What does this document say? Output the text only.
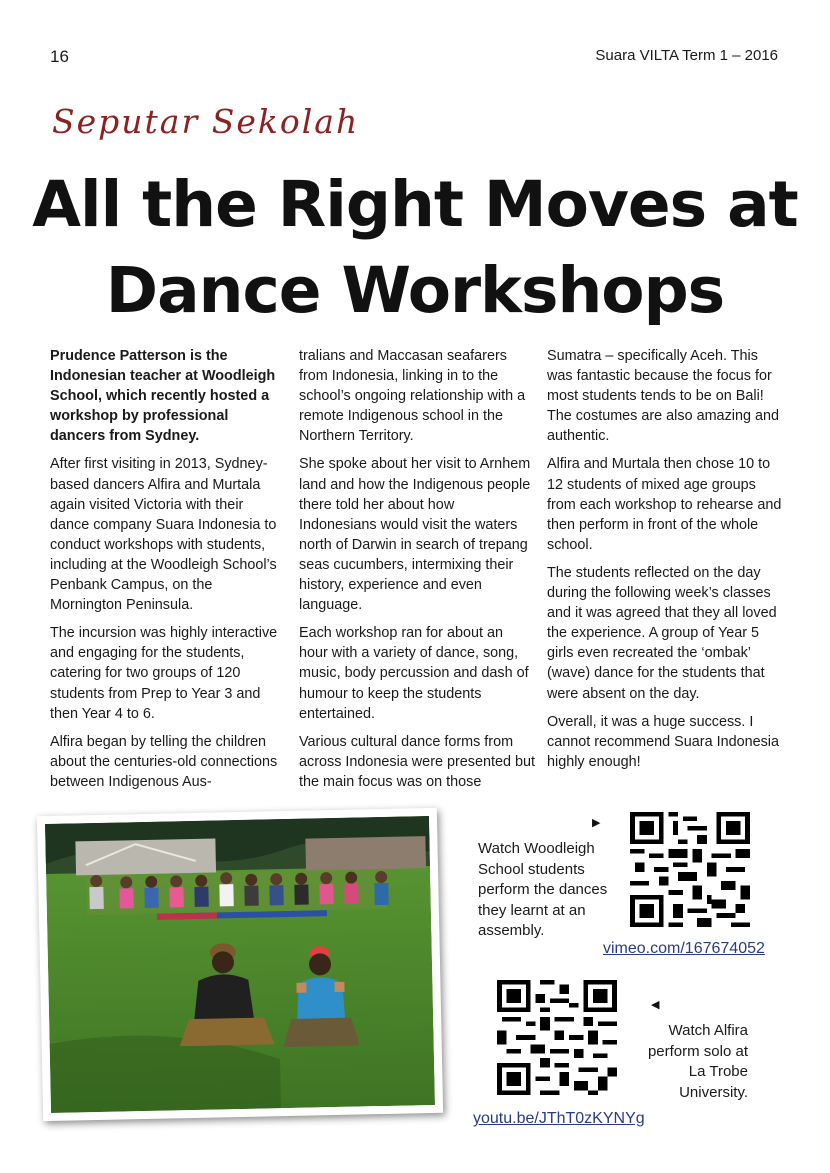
16	Suara VILTA Term 1 – 2016
Seputar Sekolah
All the Right Moves at Dance Workshops

Prudence Patterson is the Indonesian teacher at Woodleigh School, which recently hosted a workshop by professional dancers from Sydney.

After first visiting in 2013, Sydney-based dancers Alfira and Murtala again visited Victoria with their dance company Suara Indonesia to conduct workshops with students, including at the Woodleigh School’s Penbank Campus, on the Mornington Peninsula.

The incursion was highly interactive and engaging for the students, catering for two groups of 120 students from Prep to Year 3 and then Year 4 to 6.

Alfira began by telling the children about the centuries-old connections between Indigenous Aus-

tralians and Maccasan seafarers from Indonesia, linking in to the school’s ongoing relationship with a remote Indigenous school in the Northern Territory.

She spoke about her visit to Arnhem land and how the Indigenous people there told her about how Indonesians would visit the waters north of Darwin in search of trepang seas cucumbers, intermixing their history, experience and even language.

Each workshop ran for about an hour with a variety of dance, song, music, body percussion and dash of humour to keep the students entertained.

Various cultural dance forms from across Indonesia were presented but the main focus was on those

Sumatra – specifically Aceh. This was fantastic because the focus for most students tends to be on Bali! The costumes are also amazing and authentic.

Alfira and Murtala then chose 10 to 12 students of mixed age groups from each workshop to rehearse and then perform in front of the whole school.

The students reflected on the day during the following week’s classes and it was agreed that they all loved the experience. A group of Year 5 girls even recreated the ‘ombak’ (wave) dance for the students that were absent on the day.

Overall, it was a huge success. I cannot recommend Suara Indonesia highly enough!

▶
Watch Woodleigh School students perform the dances they learnt at an assembly.
vimeo.com/167674052
◀
Watch Alfira perform solo at La Trobe University.
youtu.be/JThT0zKYNYg
